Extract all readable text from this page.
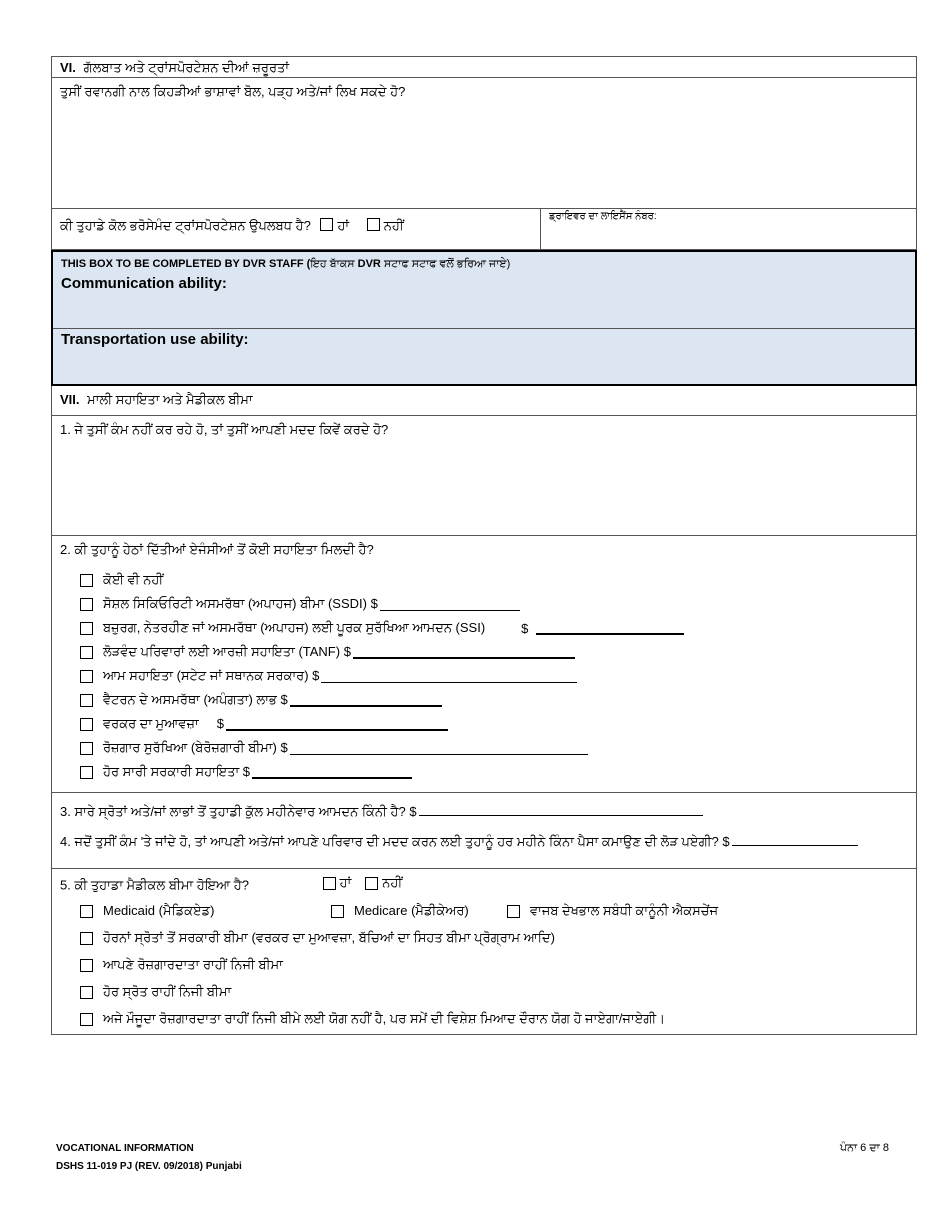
VI. ਗੱਲਬਾਤ ਅਤੇ ਟ੍ਰਾਂਸਪੋਰਟੇਸ਼ਨ ਦੀਆਂ ਜ਼ਰੂਰਤਾਂ
ਤੁਸੀਂ ਰਵਾਨਗੀ ਨਾਲ ਕਿਹੜੀਆਂ ਭਾਸ਼ਾਵਾਂ ਬੋਲ, ਪੜ੍ਹ ਅਤੇ/ਜਾਂ ਲਿਖ ਸਕਦੇ ਹੋ?
ਕੀ ਤੁਹਾਡੇ ਕੋਲ ਭਰੋਸੇਮੰਦ ਟ੍ਰਾਂਸਪੋਰਟੇਸ਼ਨ ਉਪਲਬਧ ਹੈ? ਹਾਂ	ਨਹੀਂ
ਡ੍ਰਾਇਵਰ ਦਾ ਲਾਇਸੈਂਸ ਨੰਬਰ:
THIS BOX TO BE COMPLETED BY DVR STAFF (ਇਹ ਬਾੱਕਸ DVR ਸਟਾਫ ਸਟਾਫ ਵਲੋਂ ਭਰਿਆ ਜਾਏ)
Communication ability:
Transportation use ability:
VII. ਮਾਲੀ ਸਹਾਇਤਾ ਅਤੇ ਮੈਡੀਕਲ ਬੀਮਾ
1. ਜੇ ਤੁਸੀਂ ਕੰਮ ਨਹੀਂ ਕਰ ਰਹੇ ਹੋ, ਤਾਂ ਤੁਸੀਂ ਆਪਣੀ ਮਦਦ ਕਿਵੇਂ ਕਰਦੇ ਹੋ?
2. ਕੀ ਤੁਹਾਨੂੰ ਹੇਠਾਂ ਦਿੱਤੀਆਂ ਏਜੰਸੀਆਂ ਤੋਂ ਕੋਈ ਸਹਾਇਤਾ ਮਿਲਦੀ ਹੈ?
ਕੋਈ ਵੀ ਨਹੀਂ
ਸੋਸ਼ਲ ਸਿਕਿਓਰਿਟੀ ਅਸਮਰੱਥਾ (ਅਪਾਹਜ) ਬੀਮਾ (SSDI) $
ਬਜ਼ੁਰਗ, ਨੇਤਰਹੀਣ ਜਾਂ ਅਸਮਰੱਥਾ (ਅਪਾਹਜ) ਲਈ ਪੂਰਕ ਸੁਰੱਖਿਆ ਆਮਦਨ (SSI)	$
ਲੋੜਵੰਦ ਪਰਿਵਾਰਾਂ ਲਈ ਆਰਜ਼ੀ ਸਹਾਇਤਾ (TANF) $
ਆਮ ਸਹਾਇਤਾ (ਸਟੇਟ ਜਾਂ ਸਥਾਨਕ ਸਰਕਾਰ) $
ਵੈਟਰਨ ਦੇ ਅਸਮਰੱਥਾ (ਅਪੰਗਤਾ) ਲਾਭ $
ਵਰਕਰ ਦਾ ਮੁਆਵਜ਼ਾ     $
ਰੋਜ਼ਗਾਰ ਸੁਰੱਖਿਆ (ਬੇਰੋਜ਼ਗਾਰੀ ਬੀਮਾ) $
ਹੋਰ ਸਾਰੀ ਸਰਕਾਰੀ ਸਹਾਇਤਾ $
3. ਸਾਰੇ ਸ੍ਰੋਤਾਂ ਅਤੇ/ਜਾਂ ਲਾਭਾਂ ਤੋਂ ਤੁਹਾਡੀ ਕੁੱਲ ਮਹੀਨੇਵਾਰ ਆਮਦਨ ਕਿੰਨੀ ਹੈ? $
4. ਜਦੋਂ ਤੁਸੀਂ ਕੰਮ 'ਤੇ ਜਾਂਦੇ ਹੋ, ਤਾਂ ਆਪਣੀ ਅਤੇ/ਜਾਂ ਆਪਣੇ ਪਰਿਵਾਰ ਦੀ ਮਦਦ ਕਰਨ ਲਈ ਤੁਹਾਨੂੰ ਹਰ ਮਹੀਨੇ ਕਿੰਨਾ ਪੈਸਾ ਕਮਾਉਣ ਦੀ ਲੋੜ ਪਏਗੀ? $
5. ਕੀ ਤੁਹਾਡਾ ਮੈਡੀਕਲ ਬੀਮਾ ਹੋਇਆ ਹੈ?	ਹਾਂ ਨਹੀਂ
Medicaid (ਮੈਡਿਕਏਡ)	Medicare (ਮੈਡੀਕੇਅਰ)	ਵਾਜਬ ਦੇਖਭਾਲ ਸਬੰਧੀ ਕਾਨੂੰਨੀ ਐਕਸਚੇਂਜ
ਹੋਰਨਾਂ ਸ੍ਰੋਤਾਂ ਤੋਂ ਸਰਕਾਰੀ ਬੀਮਾ (ਵਰਕਰ ਦਾ ਮੁਆਵਜ਼ਾ, ਬੱਚਿਆਂ ਦਾ ਸਿਹਤ ਬੀਮਾ ਪ੍ਰੋਗ੍ਰਾਮ ਆਦਿ)
ਆਪਣੇ ਰੋਜ਼ਗਾਰਦਾਤਾ ਰਾਹੀਂ ਨਿਜੀ ਬੀਮਾ
ਹੋਰ ਸ੍ਰੋਤ ਰਾਹੀਂ ਨਿਜੀ ਬੀਮਾ
ਅਜੇ ਮੌਜੂਦਾ ਰੋਜ਼ਗਾਰਦਾਤਾ ਰਾਹੀਂ ਨਿਜੀ ਬੀਮੇ ਲਈ ਯੋਗ ਨਹੀਂ ਹੈ, ਪਰ ਸਮੇਂ ਦੀ ਵਿਸ਼ੇਸ਼ ਮਿਆਦ ਦੌਰਾਨ ਯੋਗ ਹੋ ਜਾਏਗਾ/ਜਾਏਗੀ।
VOCATIONAL INFORMATION
DSHS 11-019 PJ (REV. 09/2018) Punjabi
ਪੰਨਾ 6 ਦਾ 8
